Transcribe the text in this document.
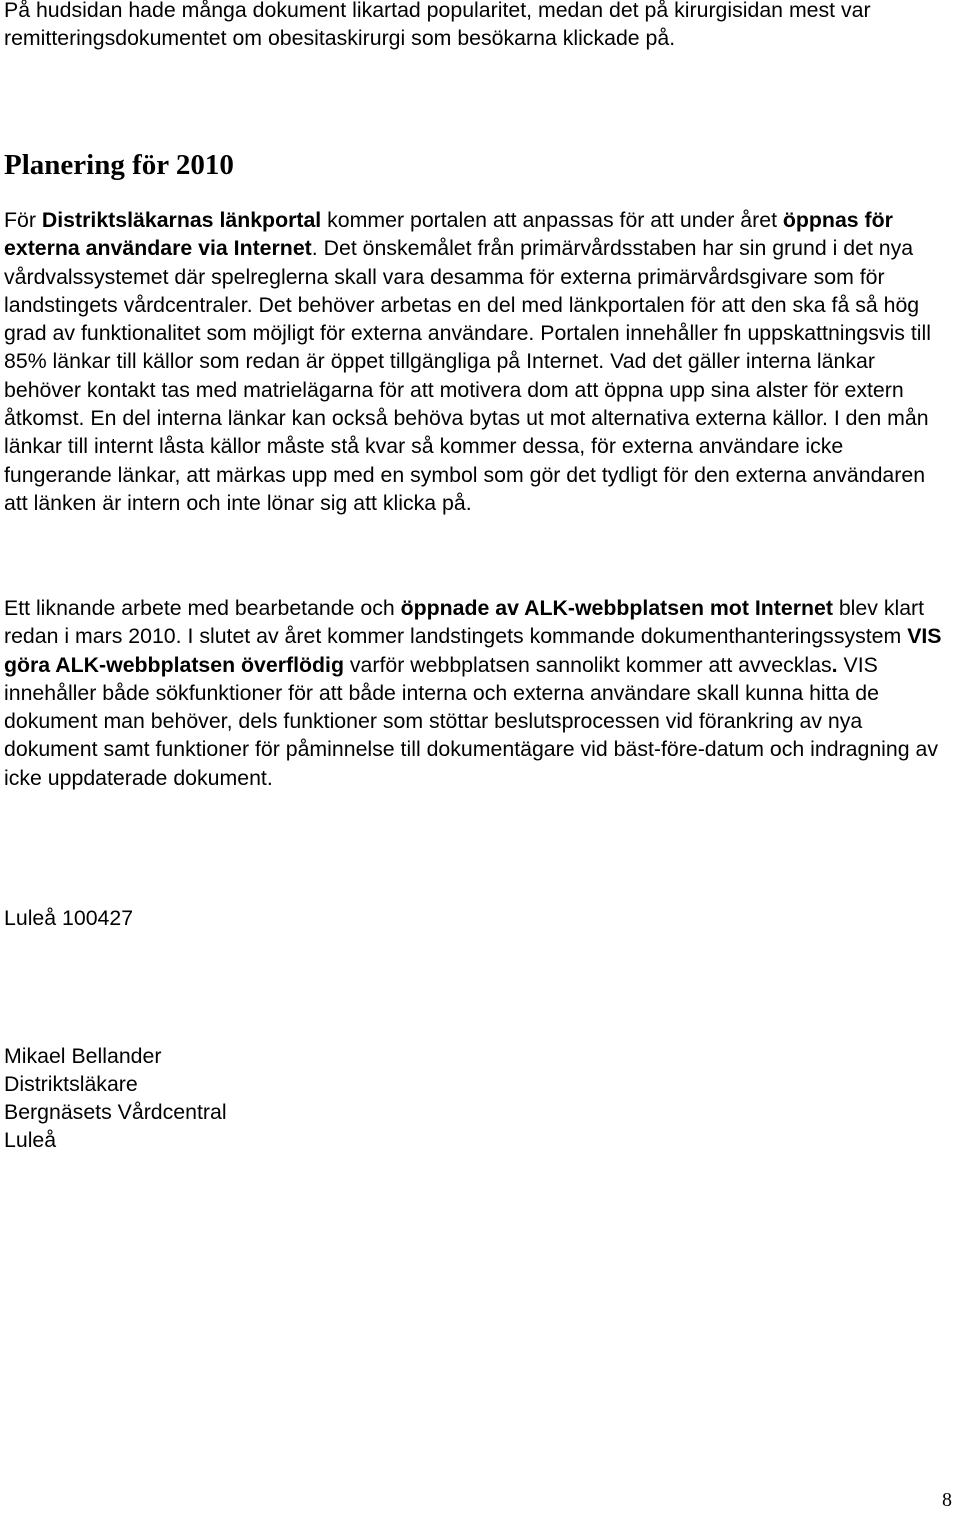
På hudsidan hade många dokument likartad popularitet, medan det på kirurgisidan mest var remitteringsdokumentet om obesitaskirurgi som besökarna klickade på.

Planering för 2010

För Distriktsläkarnas länkportal kommer portalen att anpassas för att under året öppnas för externa användare via Internet. Det önskemålet från primärvårdsstaben har sin grund i det nya vårdvalssystemet där spelreglerna skall vara desamma för externa primärvårdsgivare som för landstingets vårdcentraler. Det behöver arbetas en del med länkportalen för att den ska få så hög grad av funktionalitet som möjligt för externa användare. Portalen innehåller fn uppskattningsvis till 85% länkar till källor som redan är öppet tillgängliga på Internet. Vad det gäller interna länkar behöver kontakt tas med matrielägarna för att motivera dom att öppna upp sina alster för extern åtkomst. En del interna länkar kan också behöva bytas ut mot alternativa externa källor. I den mån länkar till internt låsta källor måste stå kvar så kommer dessa, för externa användare icke fungerande länkar, att märkas upp med en symbol som gör det tydligt för den externa användaren att länken är intern och inte lönar sig att klicka på.

Ett liknande arbete med bearbetande och öppnade av ALK-webbplatsen mot Internet blev klart redan i mars 2010. I slutet av året kommer landstingets kommande dokumenthanteringssystem VIS göra ALK-webbplatsen överflödig varför webbplatsen sannolikt kommer att avvecklas. VIS innehåller både sökfunktioner för att både interna och externa användare skall kunna hitta de dokument man behöver, dels funktioner som stöttar beslutsprocessen vid förankring av nya dokument samt funktioner för påminnelse till dokumentägare vid bäst-före-datum och indragning av icke uppdaterade dokument.

Luleå 100427
Mikael Bellander
Distriktsläkare
Bergnäsets Vårdcentral
Luleå
8
